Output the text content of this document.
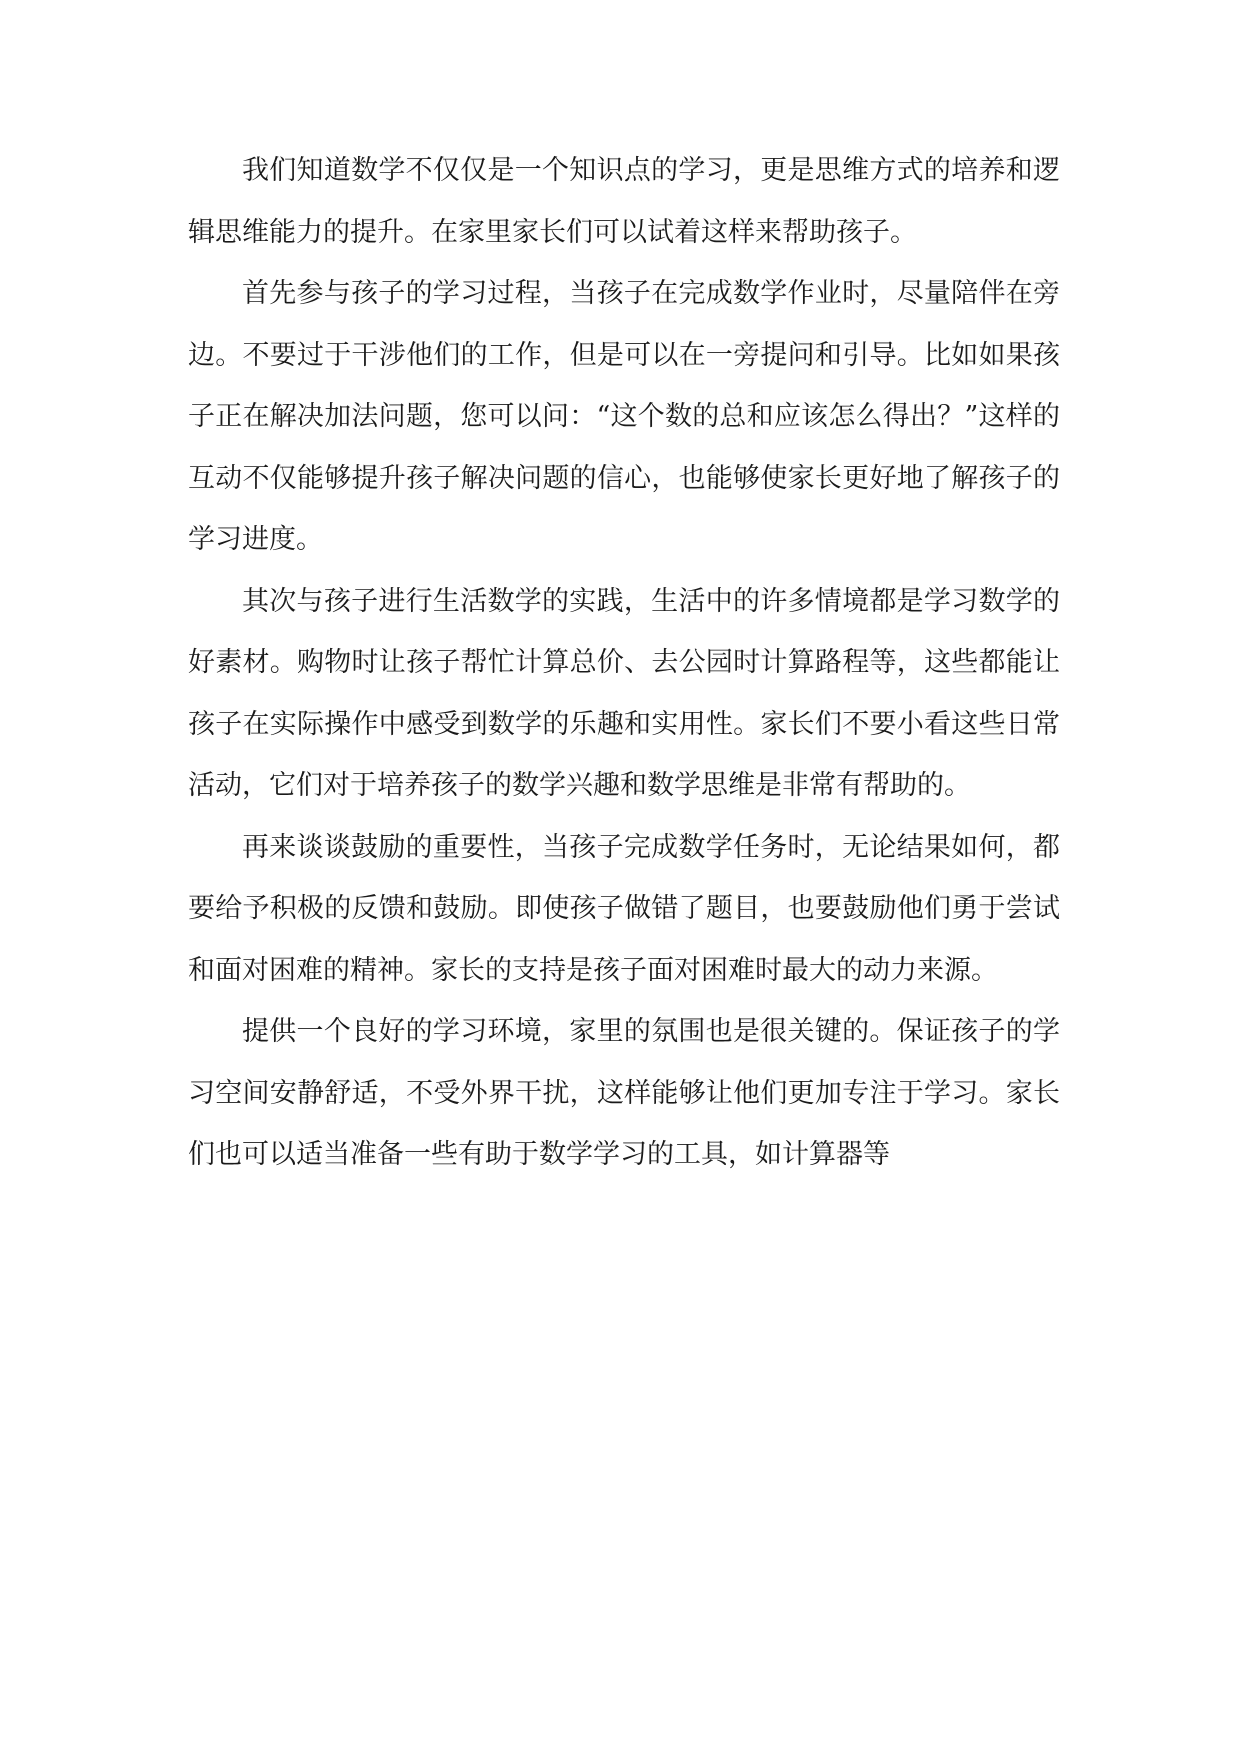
我们知道数学不仅仅是一个知识点的学习，更是思维方式的培养和逻辑思维能力的提升。在家里家长们可以试着这样来帮助孩子。

首先参与孩子的学习过程，当孩子在完成数学作业时，尽量陪伴在旁边。不要过于干涉他们的工作，但是可以在一旁提问和引导。比如如果孩子正在解决加法问题，您可以问：“这个数的总和应该怎么得出？”这样的互动不仅能够提升孩子解决问题的信心，也能够使家长更好地了解孩子的学习进度。

其次与孩子进行生活数学的实践，生活中的许多情境都是学习数学的好素材。购物时让孩子帮忙计算总价、去公园时计算路程等，这些都能让孩子在实际操作中感受到数学的乐趣和实用性。家长们不要小看这些日常活动，它们对于培养孩子的数学兴趣和数学思维是非常有帮助的。

再来谈谈鼓励的重要性，当孩子完成数学任务时，无论结果如何，都要给予积极的反馈和鼓励。即使孩子做错了题目，也要鼓励他们勇于尝试和面对困难的精神。家长的支持是孩子面对困难时最大的动力来源。

提供一个良好的学习环境，家里的氛围也是很关键的。保证孩子的学习空间安静舒适，不受外界干扰，这样能够让他们更加专注于学习。家长们也可以适当准备一些有助于数学学习的工具，如计算器等
